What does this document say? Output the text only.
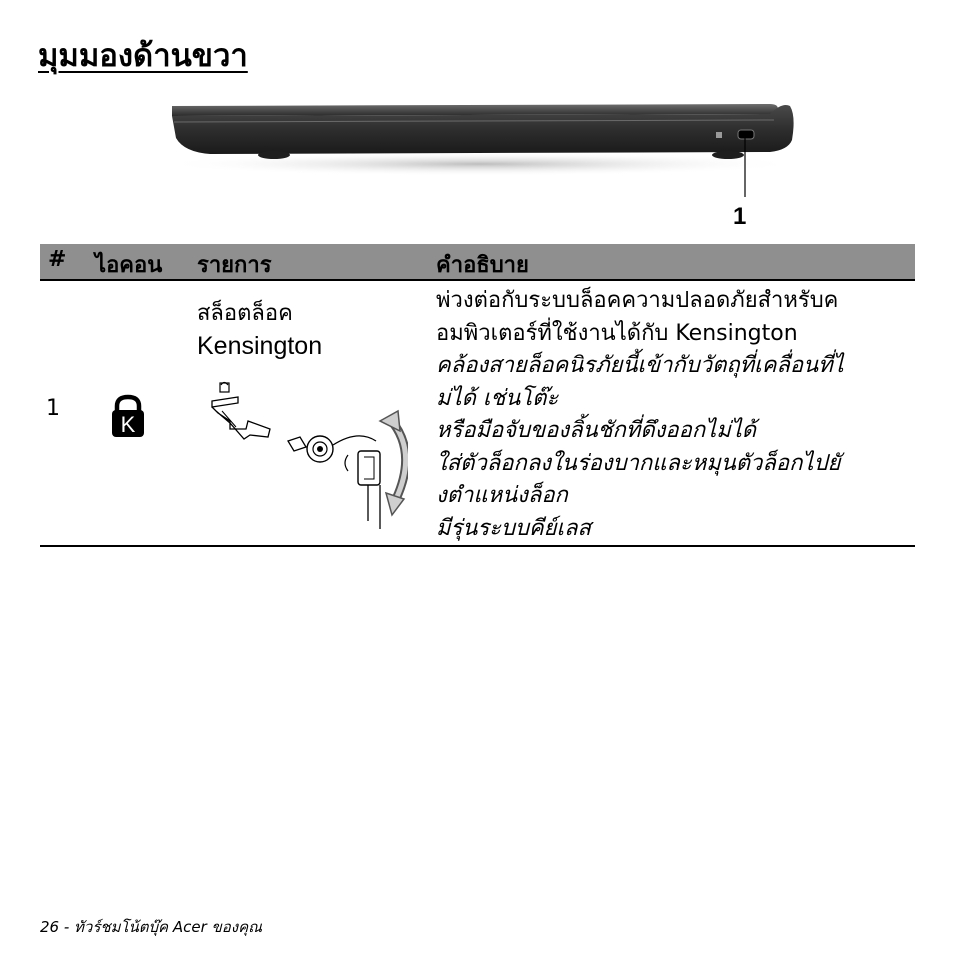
มุมมองด้านขวา
1
# ไอคอน รายการ	คำอธิบาย
1
K
สล็อตล็อค
Kensington
พ่วงต่อกับระบบล็อคความปลอดภัยสำหรับค
อมพิวเตอร์ที่ใช้งานได้กับ Kensington
คล้องสายล็อคนิรภัยนี้เข้ากับวัตถุที่เคลื่อนที่ไ
ม่ได้ เช่นโต๊ะ
หรือมือจับของลิ้นชักที่ดึงออกไม่ได้
ใส่ตัวล็อกลงในร่องบากและหมุนตัวล็อกไปยั
งตำแหน่งล็อก
มีรุ่นระบบคีย์เลส
26 - ทัวร์ชมโน้ตบุ๊ค Acer ของคุณ
